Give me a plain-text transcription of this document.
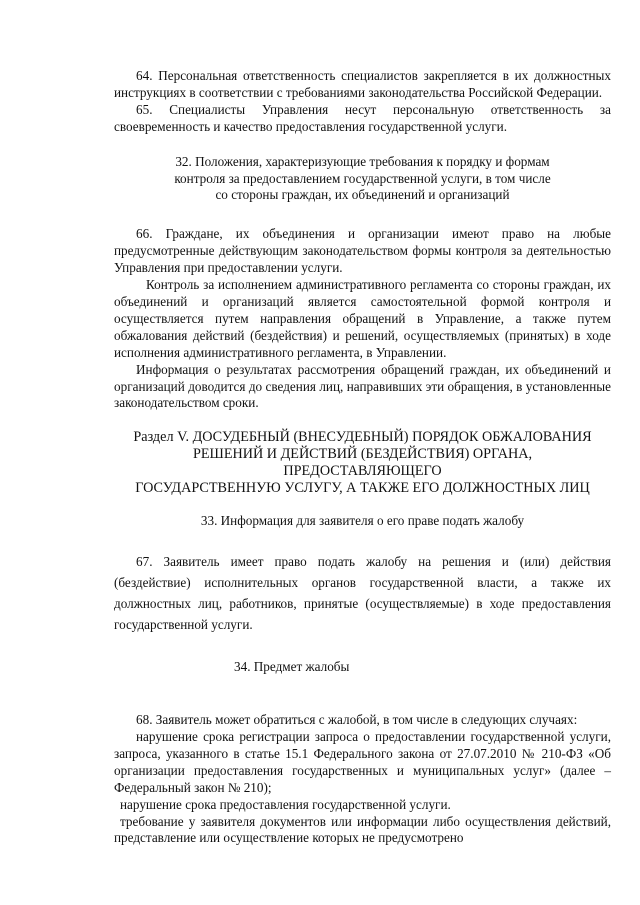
64. Персональная ответственность специалистов закрепляется в их должностных инструкциях в соответствии с требованиями законодательства Российской Федерации.

65. Специалисты Управления несут персональную ответственность за своевременность и качество предоставления государственной услуги.

32. Положения, характеризующие требования к порядку и формам

контроля за предоставлением государственной услуги, в том числе

со стороны граждан, их объединений и организаций

66. Граждане, их объединения и организации имеют право на любые предусмотренные действующим законодательством формы контроля за деятельностью Управления при предоставлении услуги.

Контроль за исполнением административного регламента со стороны граждан, их объединений и организаций является самостоятельной формой контроля и осуществляется путем направления обращений в Управление, а также путем обжалования действий (бездействия) и решений, осуществляемых (принятых) в ходе исполнения административного регламента, в Управлении.

Информация о результатах рассмотрения обращений граждан, их объединений и организаций доводится до сведения лиц, направивших эти обращения, в установленные законодательством сроки.

Раздел V. ДОСУДЕБНЫЙ (ВНЕСУДЕБНЫЙ) ПОРЯДОК ОБЖАЛОВАНИЯ
РЕШЕНИЙ И ДЕЙСТВИЙ (БЕЗДЕЙСТВИЯ) ОРГАНА, ПРЕДОСТАВЛЯЮЩЕГО
ГОСУДАРСТВЕННУЮ УСЛУГУ, А ТАКЖЕ ЕГО ДОЛЖНОСТНЫХ ЛИЦ

33. Информация для заявителя о его праве подать жалобу

67. Заявитель имеет право подать жалобу на решения и (или) действия (бездействие) исполнительных органов государственной власти, а также их должностных лиц, работников, принятые (осуществляемые) в ходе предоставления государственной услуги.

34. Предмет жалобы

68. Заявитель может обратиться с жалобой, в том числе в следующих случаях:

нарушение срока регистрации запроса о предоставлении государственной услуги, запроса, указанного в статье 15.1 Федерального закона от 27.07.2010 № 210-ФЗ «Об организации предоставления государственных и муниципальных услуг» (далее – Федеральный закон № 210);

нарушение срока предоставления государственной услуги.

требование у заявителя документов или информации либо осуществления действий, представление или осуществление которых не предусмотрено
